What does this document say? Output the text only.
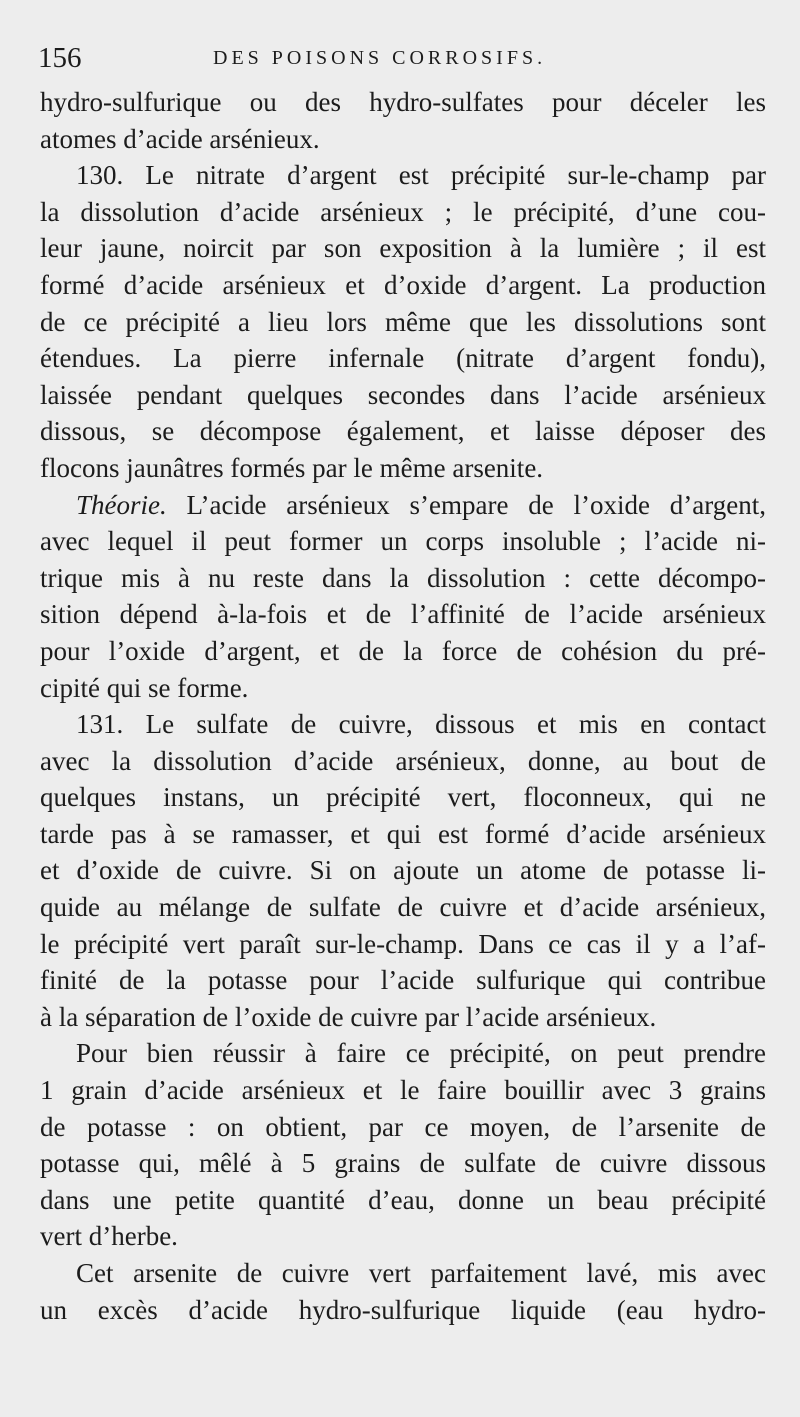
156	DES POISONS CORROSIFS.
hydro-sulfurique ou des hydro-sulfates pour déceler les
atomes d’acide arsénieux.
130. Le nitrate d’argent est précipité sur-le-champ par
la dissolution d’acide arsénieux ; le précipité, d’une cou-
leur jaune, noircit par son exposition à la lumière ; il est
formé d’acide arsénieux et d’oxide d’argent. La production
de ce précipité a lieu lors même que les dissolutions sont
étendues. La pierre infernale (nitrate d’argent fondu),
laissée pendant quelques secondes dans l’acide arsénieux
dissous, se décompose également, et laisse déposer des
flocons jaunâtres formés par le même arsenite.
Théorie. L’acide arsénieux s’empare de l’oxide d’argent,
avec lequel il peut former un corps insoluble ; l’acide ni-
trique mis à nu reste dans la dissolution : cette décompo-
sition dépend à-la-fois et de l’affinité de l’acide arsénieux
pour l’oxide d’argent, et de la force de cohésion du pré-
cipité qui se forme.
131. Le sulfate de cuivre, dissous et mis en contact
avec la dissolution d’acide arsénieux, donne, au bout de
quelques instans, un précipité vert, floconneux, qui ne
tarde pas à se ramasser, et qui est formé d’acide arsénieux
et d’oxide de cuivre. Si on ajoute un atome de potasse li-
quide au mélange de sulfate de cuivre et d’acide arsénieux,
le précipité vert paraît sur-le-champ. Dans ce cas il y a l’af-
finité de la potasse pour l’acide sulfurique qui contribue
à la séparation de l’oxide de cuivre par l’acide arsénieux.
Pour bien réussir à faire ce précipité, on peut prendre
1 grain d’acide arsénieux et le faire bouillir avec 3 grains
de potasse : on obtient, par ce moyen, de l’arsenite de
potasse qui, mêlé à 5 grains de sulfate de cuivre dissous
dans une petite quantité d’eau, donne un beau précipité
vert d’herbe.
Cet arsenite de cuivre vert parfaitement lavé, mis avec
un excès d’acide hydro-sulfurique liquide (eau hydro-
